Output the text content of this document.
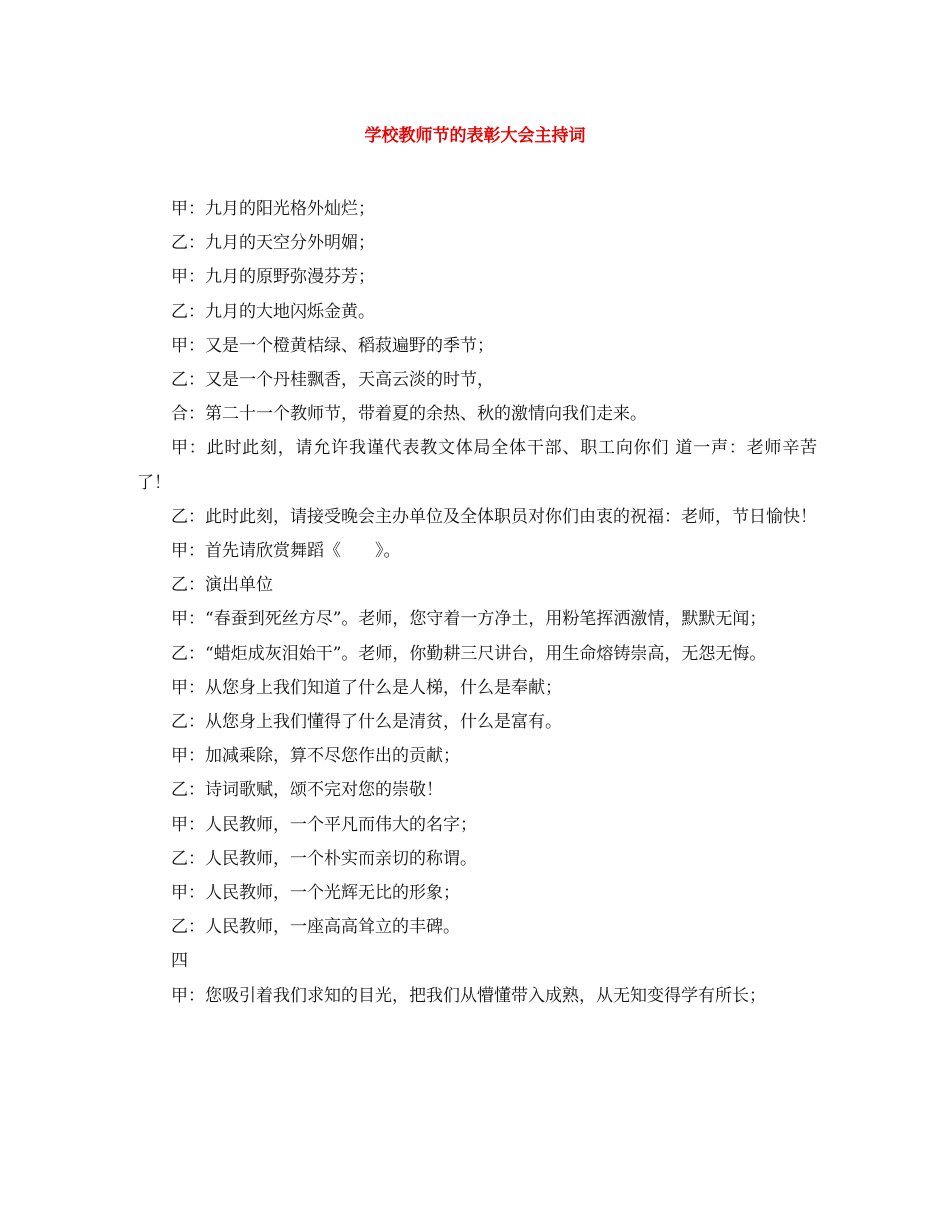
学校教师节的表彰大会主持词

甲：九月的阳光格外灿烂；

乙：九月的天空分外明媚；

甲：九月的原野弥漫芬芳；

乙：九月的大地闪烁金黄。

甲：又是一个橙黄桔绿、稻菽遍野的季节；

乙：又是一个丹桂飘香，天高云淡的时节，

合：第二十一个教师节，带着夏的余热、秋的激情向我们走来。

甲：此时此刻，请允许我谨代表教文体局全体干部、职工向你们 道一声：老师辛苦了！

乙：此时此刻，请接受晚会主办单位及全体职员对你们由衷的祝福：老师，节日愉快！

甲：首先请欣赏舞蹈《　　》。

乙：演出单位

甲：“春蚕到死丝方尽”。老师，您守着一方净土，用粉笔挥洒激情，默默无闻；

乙：“蜡炬成灰泪始干”。老师，你勤耕三尺讲台，用生命熔铸崇高，无怨无悔。

甲：从您身上我们知道了什么是人梯，什么是奉献；

乙：从您身上我们懂得了什么是清贫，什么是富有。

甲：加减乘除，算不尽您作出的贡献；

乙：诗词歌赋，颂不完对您的崇敬！

甲：人民教师，一个平凡而伟大的名字；

乙：人民教师，一个朴实而亲切的称谓。

甲：人民教师，一个光辉无比的形象；

乙：人民教师，一座高高耸立的丰碑。

四

甲：您吸引着我们求知的目光，把我们从懵懂带入成熟，从无知变得学有所长；
